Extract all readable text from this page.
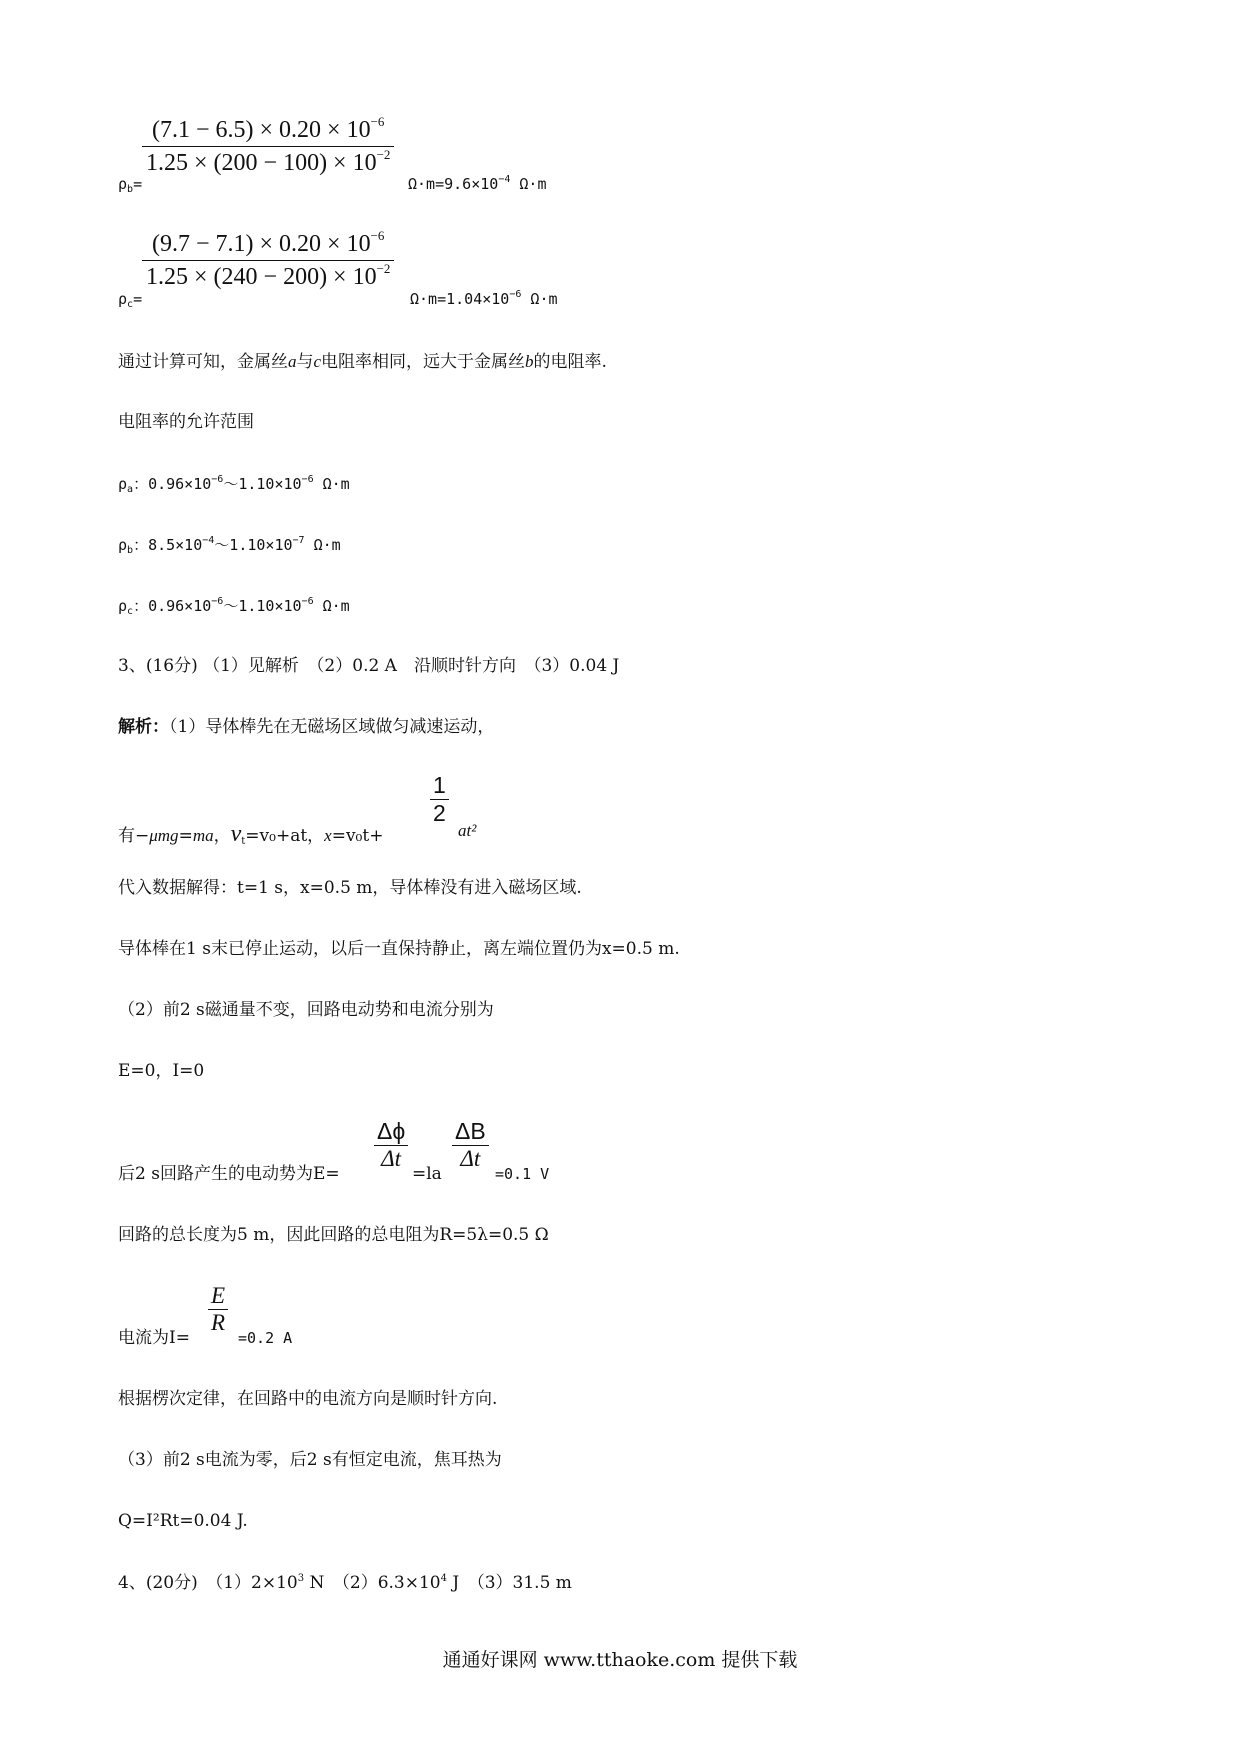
$\frac{(7.1 - 6.5) \times 0.20 \times 10^{-6}}{1.25 \times (200 - 100) \times 10^{-2}}$
$\rho_b=$	$\Omega\cdot m=9.6\times 10^{-4}$ Ω·m
$\frac{(9.7 - 7.1) \times 0.20 \times 10^{-6}}{1.25 \times (240 - 200) \times 10^{-2}}$
$\rho_c=$	$\Omega\cdot m=1.04\times 10^{-6}$ Ω·m
通过计算可知，金属丝a与c电阻率相同，远大于金属丝b的电阻率.
电阻率的允许范围
$\rho_a$：$0.96\times 10^{-6}\sim 1.10\times 10^{-6}$ Ω·m
$\rho_b$：$8.5\times 10^{-4}\sim 1.10\times 10^{-7}$ Ω·m
$\rho_c$：$0.96\times 10^{-6}\sim 1.10\times 10^{-6}$ Ω·m
3、(16分) （1）见解析　（2）0.2 A　沿顺时针方向　（3）0.04 J
解析：（1）导体棒先在无磁场区域做匀减速运动，
有−μmg=ma，$v_t=v_0+at$，x=v₀t+
$\frac{1}{2}$
at²
代入数据解得：t=1 s，x=0.5 m，导体棒没有进入磁场区域.
导体棒在1 s末已停止运动，以后一直保持静止，离左端位置仍为x=0.5 m.
（2）前2 s磁通量不变，回路电动势和电流分别为
E=0，I=0
后2 s回路产生的电动势为E=
$\frac{\Delta\phi}{\Delta t}$
=la
$\frac{\Delta B}{\Delta t}$
=0.1 V
回路的总长度为5 m，因此回路的总电阻为R=5λ=0.5 Ω
电流为I=
$\frac{E}{R}$
=0.2 A
根据楞次定律，在回路中的电流方向是顺时针方向.
（3）前2 s电流为零，后2 s有恒定电流，焦耳热为
Q=I²Rt=0.04 J.
4、(20分)　$(1)2\times 10^3$ N　$(2)6.3\times 10^4$ J　（3）31.5 m
通通好课网 www.tthaoke.com 提供下载
